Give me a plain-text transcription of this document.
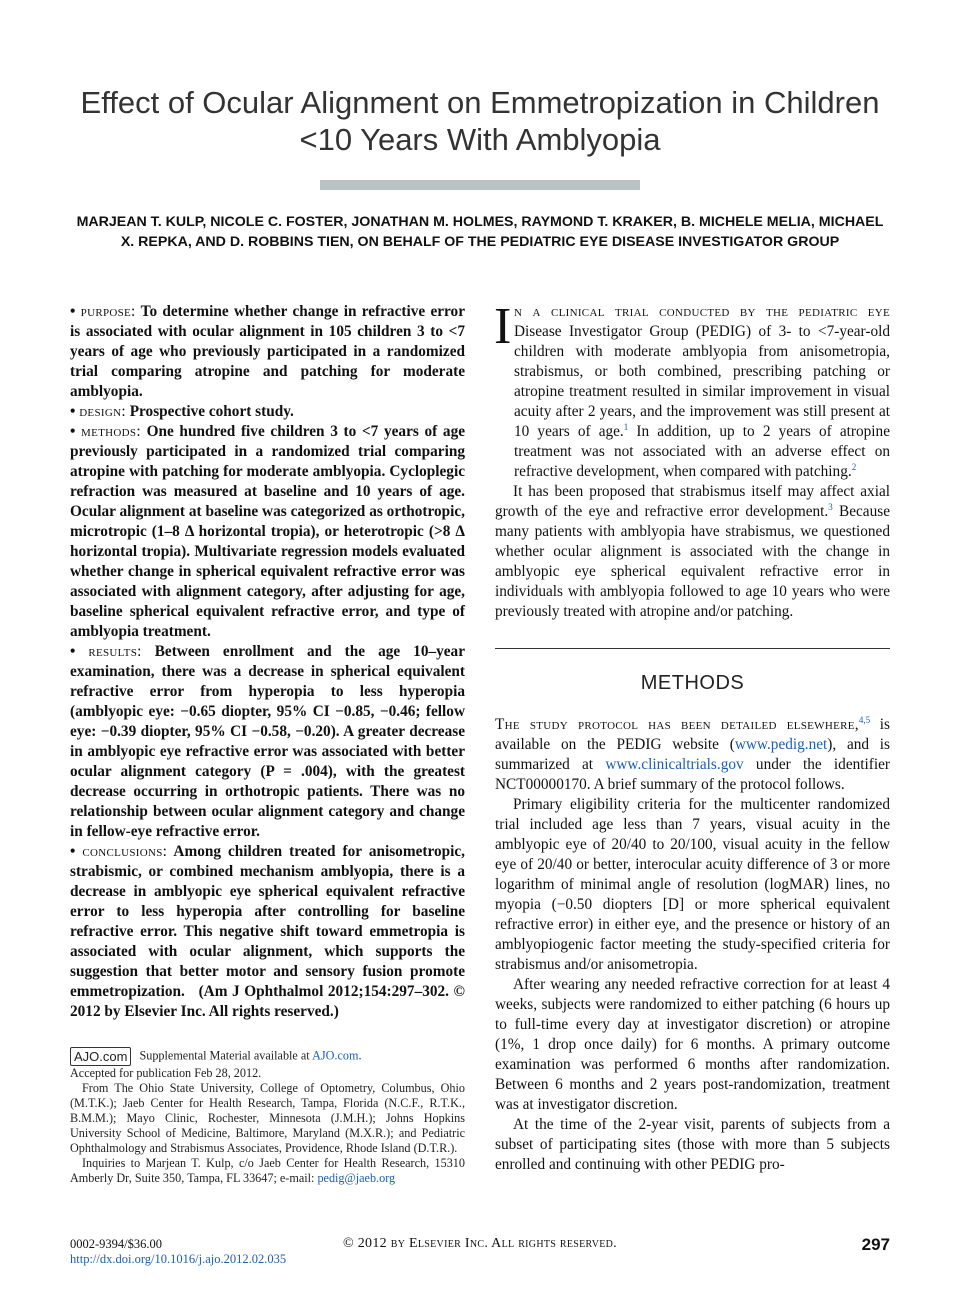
Effect of Ocular Alignment on Emmetropization in Children <10 Years With Amblyopia
MARJEAN T. KULP, NICOLE C. FOSTER, JONATHAN M. HOLMES, RAYMOND T. KRAKER, B. MICHELE MELIA, MICHAEL X. REPKA, AND D. ROBBINS TIEN, ON BEHALF OF THE PEDIATRIC EYE DISEASE INVESTIGATOR GROUP

• purpose: To determine whether change in refractive error is associated with ocular alignment in 105 children 3 to <7 years of age who previously participated in a randomized trial comparing atropine and patching for moderate amblyopia.

• design: Prospective cohort study.

• methods: One hundred five children 3 to <7 years of age previously participated in a randomized trial comparing atropine with patching for moderate amblyopia. Cycloplegic refraction was measured at baseline and 10 years of age. Ocular alignment at baseline was categorized as orthotropic, microtropic (1–8 Δ horizontal tropia), or heterotropic (>8 Δ horizontal tropia). Multivariate regression models evaluated whether change in spherical equivalent refractive error was associated with alignment category, after adjusting for age, baseline spherical equivalent refractive error, and type of amblyopia treatment.

• results: Between enrollment and the age 10–year examination, there was a decrease in spherical equivalent refractive error from hyperopia to less hyperopia (amblyopic eye: −0.65 diopter, 95% CI −0.85, −0.46; fellow eye: −0.39 diopter, 95% CI −0.58, −0.20). A greater decrease in amblyopic eye refractive error was associated with better ocular alignment category (P = .004), with the greatest decrease occurring in orthotropic patients. There was no relationship between ocular alignment category and change in fellow-eye refractive error.

• conclusions: Among children treated for anisometropic, strabismic, or combined mechanism amblyopia, there is a decrease in amblyopic eye spherical equivalent refractive error to less hyperopia after controlling for baseline refractive error. This negative shift toward emmetropia is associated with ocular alignment, which supports the suggestion that better motor and sensory fusion promote emmetropization. (Am J Ophthalmol 2012;154:297–302. © 2012 by Elsevier Inc. All rights reserved.)

AJO.com Supplemental Material available at AJO.com.

Accepted for publication Feb 28, 2012.

From The Ohio State University, College of Optometry, Columbus, Ohio (M.T.K.); Jaeb Center for Health Research, Tampa, Florida (N.C.F., R.T.K., B.M.M.); Mayo Clinic, Rochester, Minnesota (J.M.H.); Johns Hopkins University School of Medicine, Baltimore, Maryland (M.X.R.); and Pediatric Ophthalmology and Strabismus Associates, Providence, Rhode Island (D.T.R.).

Inquiries to Marjean T. Kulp, c/o Jaeb Center for Health Research, 15310 Amberly Dr, Suite 350, Tampa, FL 33647; e-mail: pedig@jaeb.org

I n a clinical trial conducted by the pediatric eye Disease Investigator Group (PEDIG) of 3- to <7-year-old children with moderate amblyopia from anisometropia, strabismus, or both combined, prescribing patching or atropine treatment resulted in similar improvement in visual acuity after 2 years, and the improvement was still present at 10 years of age.$^1$ In addition, up to 2 years of atropine treatment was not associated with an adverse effect on refractive development, when compared with patching.$^2$

It has been proposed that strabismus itself may affect axial growth of the eye and refractive error development.$^3$ Because many patients with amblyopia have strabismus, we questioned whether ocular alignment is associated with the change in amblyopic eye spherical equivalent refractive error in individuals with amblyopia followed to age 10 years who were previously treated with atropine and/or patching.

METHODS

The study protocol has been detailed elsewhere,$^{4,5}$ is available on the PEDIG website (www.pedig.net), and is summarized at www.clinicaltrials.gov under the identifier NCT00000170. A brief summary of the protocol follows.

Primary eligibility criteria for the multicenter randomized trial included age less than 7 years, visual acuity in the amblyopic eye of 20/40 to 20/100, visual acuity in the fellow eye of 20/40 or better, interocular acuity difference of 3 or more logarithm of minimal angle of resolution (logMAR) lines, no myopia (−0.50 diopters [D] or more spherical equivalent refractive error) in either eye, and the presence or history of an amblyopiogenic factor meeting the study-specified criteria for strabismus and/or anisometropia.

After wearing any needed refractive correction for at least 4 weeks, subjects were randomized to either patching (6 hours up to full-time every day at investigator discretion) or atropine (1%, 1 drop once daily) for 6 months. A primary outcome examination was performed 6 months after randomization. Between 6 months and 2 years post-randomization, treatment was at investigator discretion.

At the time of the 2-year visit, parents of subjects from a subset of participating sites (those with more than 5 subjects enrolled and continuing with other PEDIG pro-

0002-9394/$36.00
http://dx.doi.org/10.1016/j.ajo.2012.02.035
© 2012 by Elsevier Inc. All rights reserved.	297
